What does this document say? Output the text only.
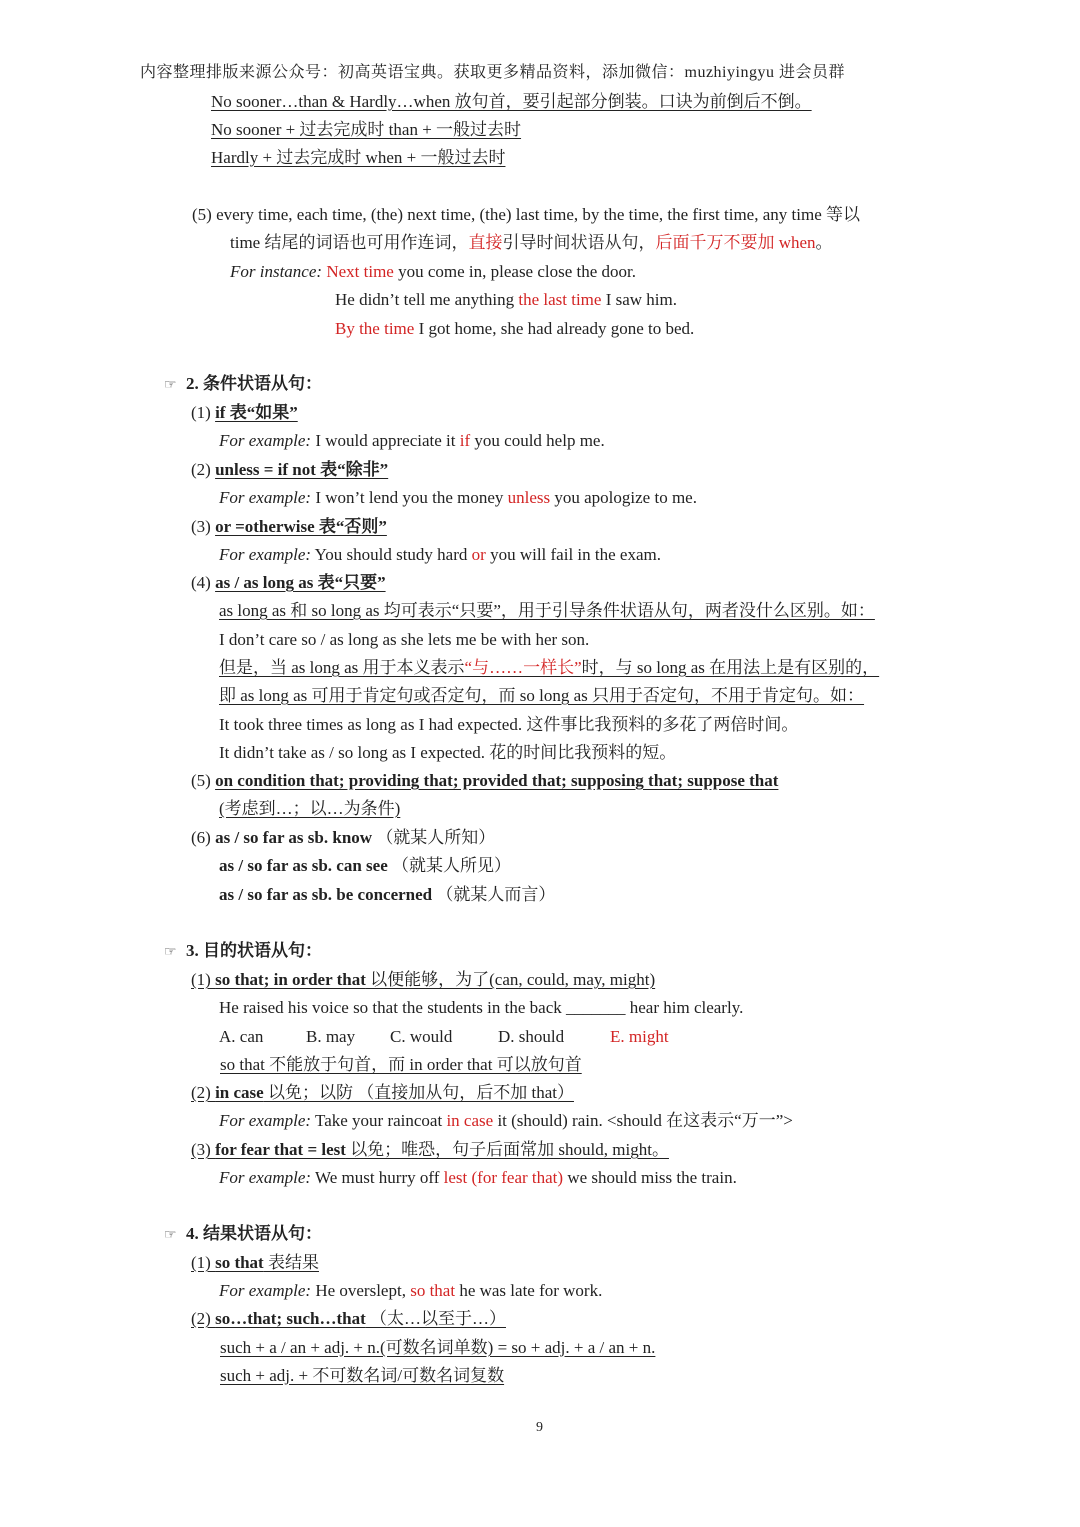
内容整理排版来源公众号：初高英语宝典。获取更多精品资料，添加微信：muzhiyingyu 进会员群
No sooner…than & Hardly…when 放句首，要引起部分倒装。口诀为前倒后不倒。
No sooner + 过去完成时 than + 一般过去时
Hardly + 过去完成时 when + 一般过去时
(5) every time, each time, (the) next time, (the) last time, by the time, the first time, any time 等以
time 结尾的词语也可用作连词，直接引导时间状语从句，后面千万不要加 when。
For instance: Next time you come in, please close the door.
He didn’t tell me anything the last time I saw him.
By the time I got home, she had already gone to bed.
☞ 2. 条件状语从句：
(1) if 表“如果”
For example: I would appreciate it if you could help me.
(2) unless = if not 表“除非”
For example: I won’t lend you the money unless you apologize to me.
(3) or =otherwise 表“否则”
For example: You should study hard or you will fail in the exam.
(4) as / as long as 表“只要”
as long as 和 so long as 均可表示“只要”，用于引导条件状语从句，两者没什么区别。如：
I don’t care so / as long as she lets me be with her son.
但是，当 as long as 用于本义表示“与……一样长”时，与 so long as 在用法上是有区别的，
即 as long as 可用于肯定句或否定句，而 so long as 只用于否定句，不用于肯定句。如：
It took three times as long as I had expected. 这件事比我预料的多花了两倍时间。
It didn’t take as / so long as I expected. 花的时间比我预料的短。
(5) on condition that; providing that; provided that; supposing that; suppose that
(考虑到…；以…为条件)
(6) as / so far as sb. know （就某人所知）
as / so far as sb. can see （就某人所见）
as / so far as sb. be concerned （就某人而言）
☞ 3. 目的状语从句：
(1) so that; in order that 以便能够，为了(can, could, may, might)
He raised his voice so that the students in the back _______ hear him clearly.
A. can	B. may C. would	D. should	E. might
so that 不能放于句首，而 in order that 可以放句首
(2) in case 以免；以防 （直接加从句，后不加 that）
For example: Take your raincoat in case it (should) rain. <should 在这表示“万一”>
(3) for fear that = lest 以免；唯恐，句子后面常加 should, might。
For example: We must hurry off lest (for fear that) we should miss the train.
☞ 4. 结果状语从句：
(1) so that 表结果
For example: He overslept, so that he was late for work.
(2) so…that; such…that （太…以至于…）
such + a / an + adj. + n.(可数名词单数) = so + adj. + a / an + n.
such + adj. + 不可数名词/可数名词复数
9
